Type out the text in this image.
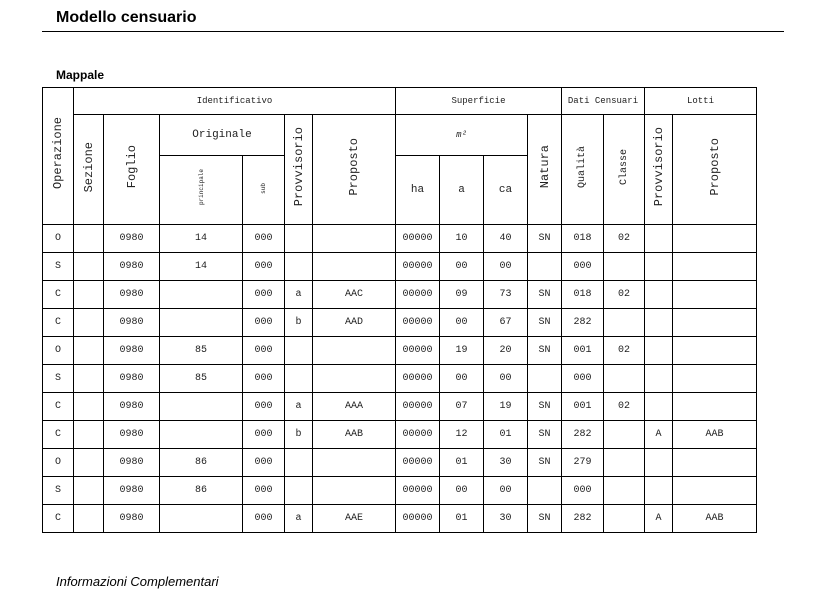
Modello censuario
Mappale
Operazione	Identificativo						Superficie				Dati Censuari		Lotti	
	Sezione	Foglio	Originale		Provvisorio	Proposto	m²			Natura	Qualità	Classe	Provvisorio	Proposto
			principale	sub			ha	a	ca					
O		0980	14	000			00000	10	40	SN	018	02		
S		0980	14	000			00000	00	00		000			
C		0980		000	a	AAC	00000	09	73	SN	018	02		
C		0980		000	b	AAD	00000	00	67	SN	282			
O		0980	85	000			00000	19	20	SN	001	02		
S		0980	85	000			00000	00	00		000			
C		0980		000	a	AAA	00000	07	19	SN	001	02		
C		0980		000	b	AAB	00000	12	01	SN	282		A	AAB
O		0980	86	000			00000	01	30	SN	279			
S		0980	86	000			00000	00	00		000			
C		0980		000	a	AAE	00000	01	30	SN	282		A	AAB
Informazioni Complementari
